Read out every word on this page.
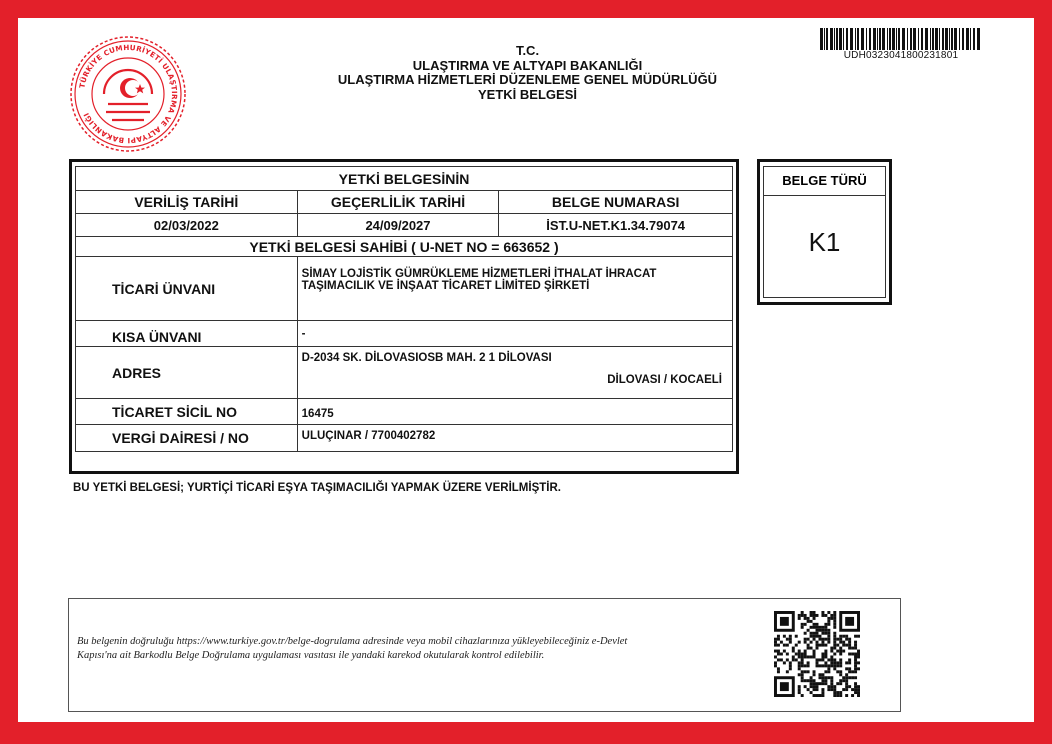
TÜRKİYE CUMHURİYETİ ULAŞTIRMA VE ALTYAPI BAKANLIĞI
T.C.
ULAŞTIRMA VE ALTYAPI BAKANLIĞI
ULAŞTIRMA HİZMETLERİ DÜZENLEME GENEL MÜDÜRLÜĞÜ
YETKİ BELGESİ
UDH0323041800231801
YETKİ BELGESİNİN		
VERİLİŞ TARİHİ	GEÇERLİLİK TARİHİ	BELGE NUMARASI
02/03/2022	24/09/2027	İST.U-NET.K1.34.79074
YETKİ BELGESİ SAHİBİ ( U-NET NO = 663652 )		
TİCARİ ÜNVANI	SİMAY LOJİSTİK GÜMRÜKLEME HİZMETLERİ İTHALAT İHRACAT
TAŞIMACILIK VE İNŞAAT TİCARET LİMİTED ŞİRKETİ	

KISA ÜNVANI	-	
ADRES	D-2034 SK. DİLOVASIOSB MAH. 2 1 DİLOVASI
DİLOVASI / KOCAELİ	

TİCARET SİCİL NO	16475	
VERGİ DAİRESİ / NO	ULUÇINAR / 7700402782	
BELGE TÜRÜ
K1
BU YETKİ BELGESİ; YURTİÇİ TİCARİ EŞYA TAŞIMACILIĞI YAPMAK ÜZERE VERİLMİŞTİR.
Bu belgenin doğruluğu https://www.turkiye.gov.tr/belge-dogrulama adresinde veya mobil cihazlarınıza yükleyebileceğiniz e-Devlet
Kapısı'na ait Barkodlu Belge Doğrulama uygulaması vasıtası ile yandaki karekod okutularak kontrol edilebilir.
